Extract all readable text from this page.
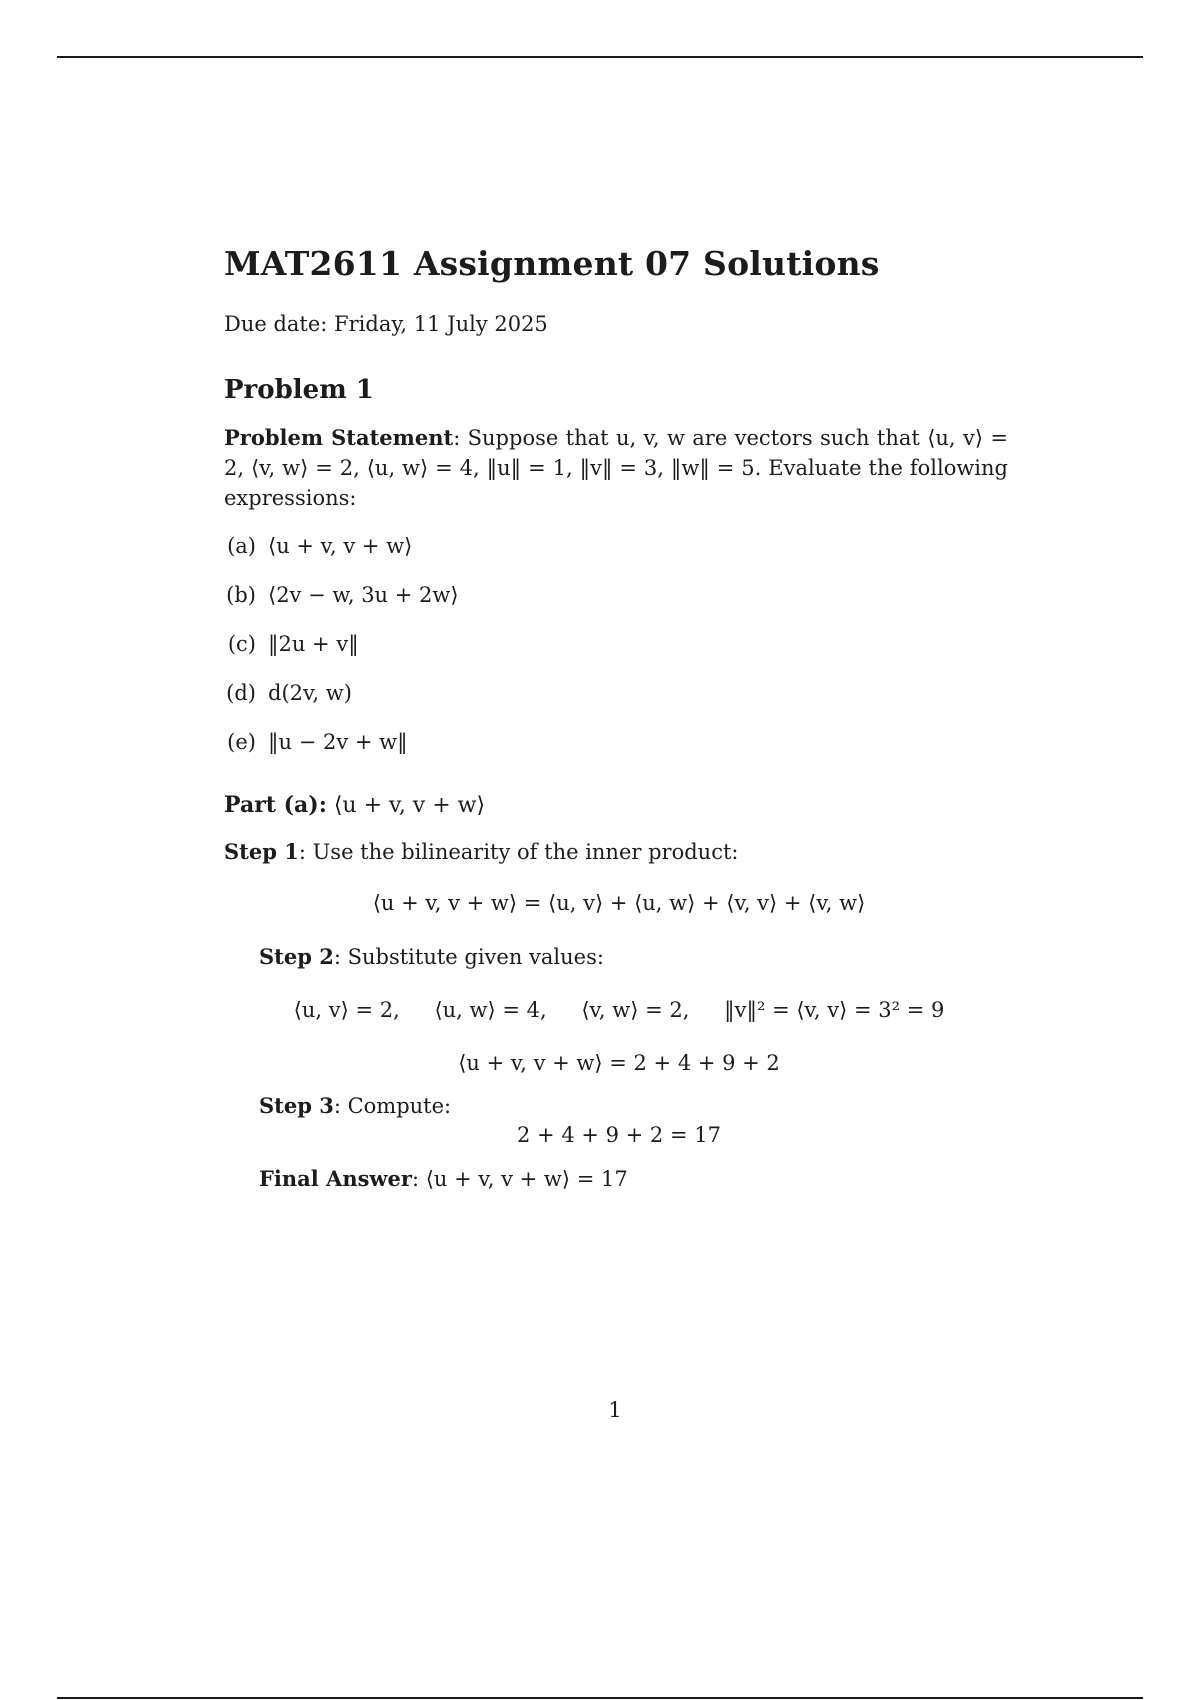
MAT2611 Assignment 07 Solutions
Due date: Friday, 11 July 2025
Problem 1
Problem Statement: Suppose that u, v, w are vectors such that ⟨u, v⟩ = 2, ⟨v, w⟩ = 2, ⟨u, w⟩ = 4, ‖u‖ = 1, ‖v‖ = 3, ‖w‖ = 5. Evaluate the following expressions:
(a) ⟨u + v, v + w⟩
(b) ⟨2v − w, 3u + 2w⟩
(c) ‖2u + v‖
(d) d(2v, w)
(e) ‖u − 2v + w‖
Part (a): ⟨u + v, v + w⟩
Step 1: Use the bilinearity of the inner product:
⟨u + v, v + w⟩ = ⟨u, v⟩ + ⟨u, w⟩ + ⟨v, v⟩ + ⟨v, w⟩
Step 2: Substitute given values:
⟨u, v⟩ = 2, ⟨u, w⟩ = 4, ⟨v, w⟩ = 2, ‖v‖² = ⟨v, v⟩ = 3² = 9
⟨u + v, v + w⟩ = 2 + 4 + 9 + 2
Step 3: Compute:
2 + 4 + 9 + 2 = 17
Final Answer: ⟨u + v, v + w⟩ = 17
1
